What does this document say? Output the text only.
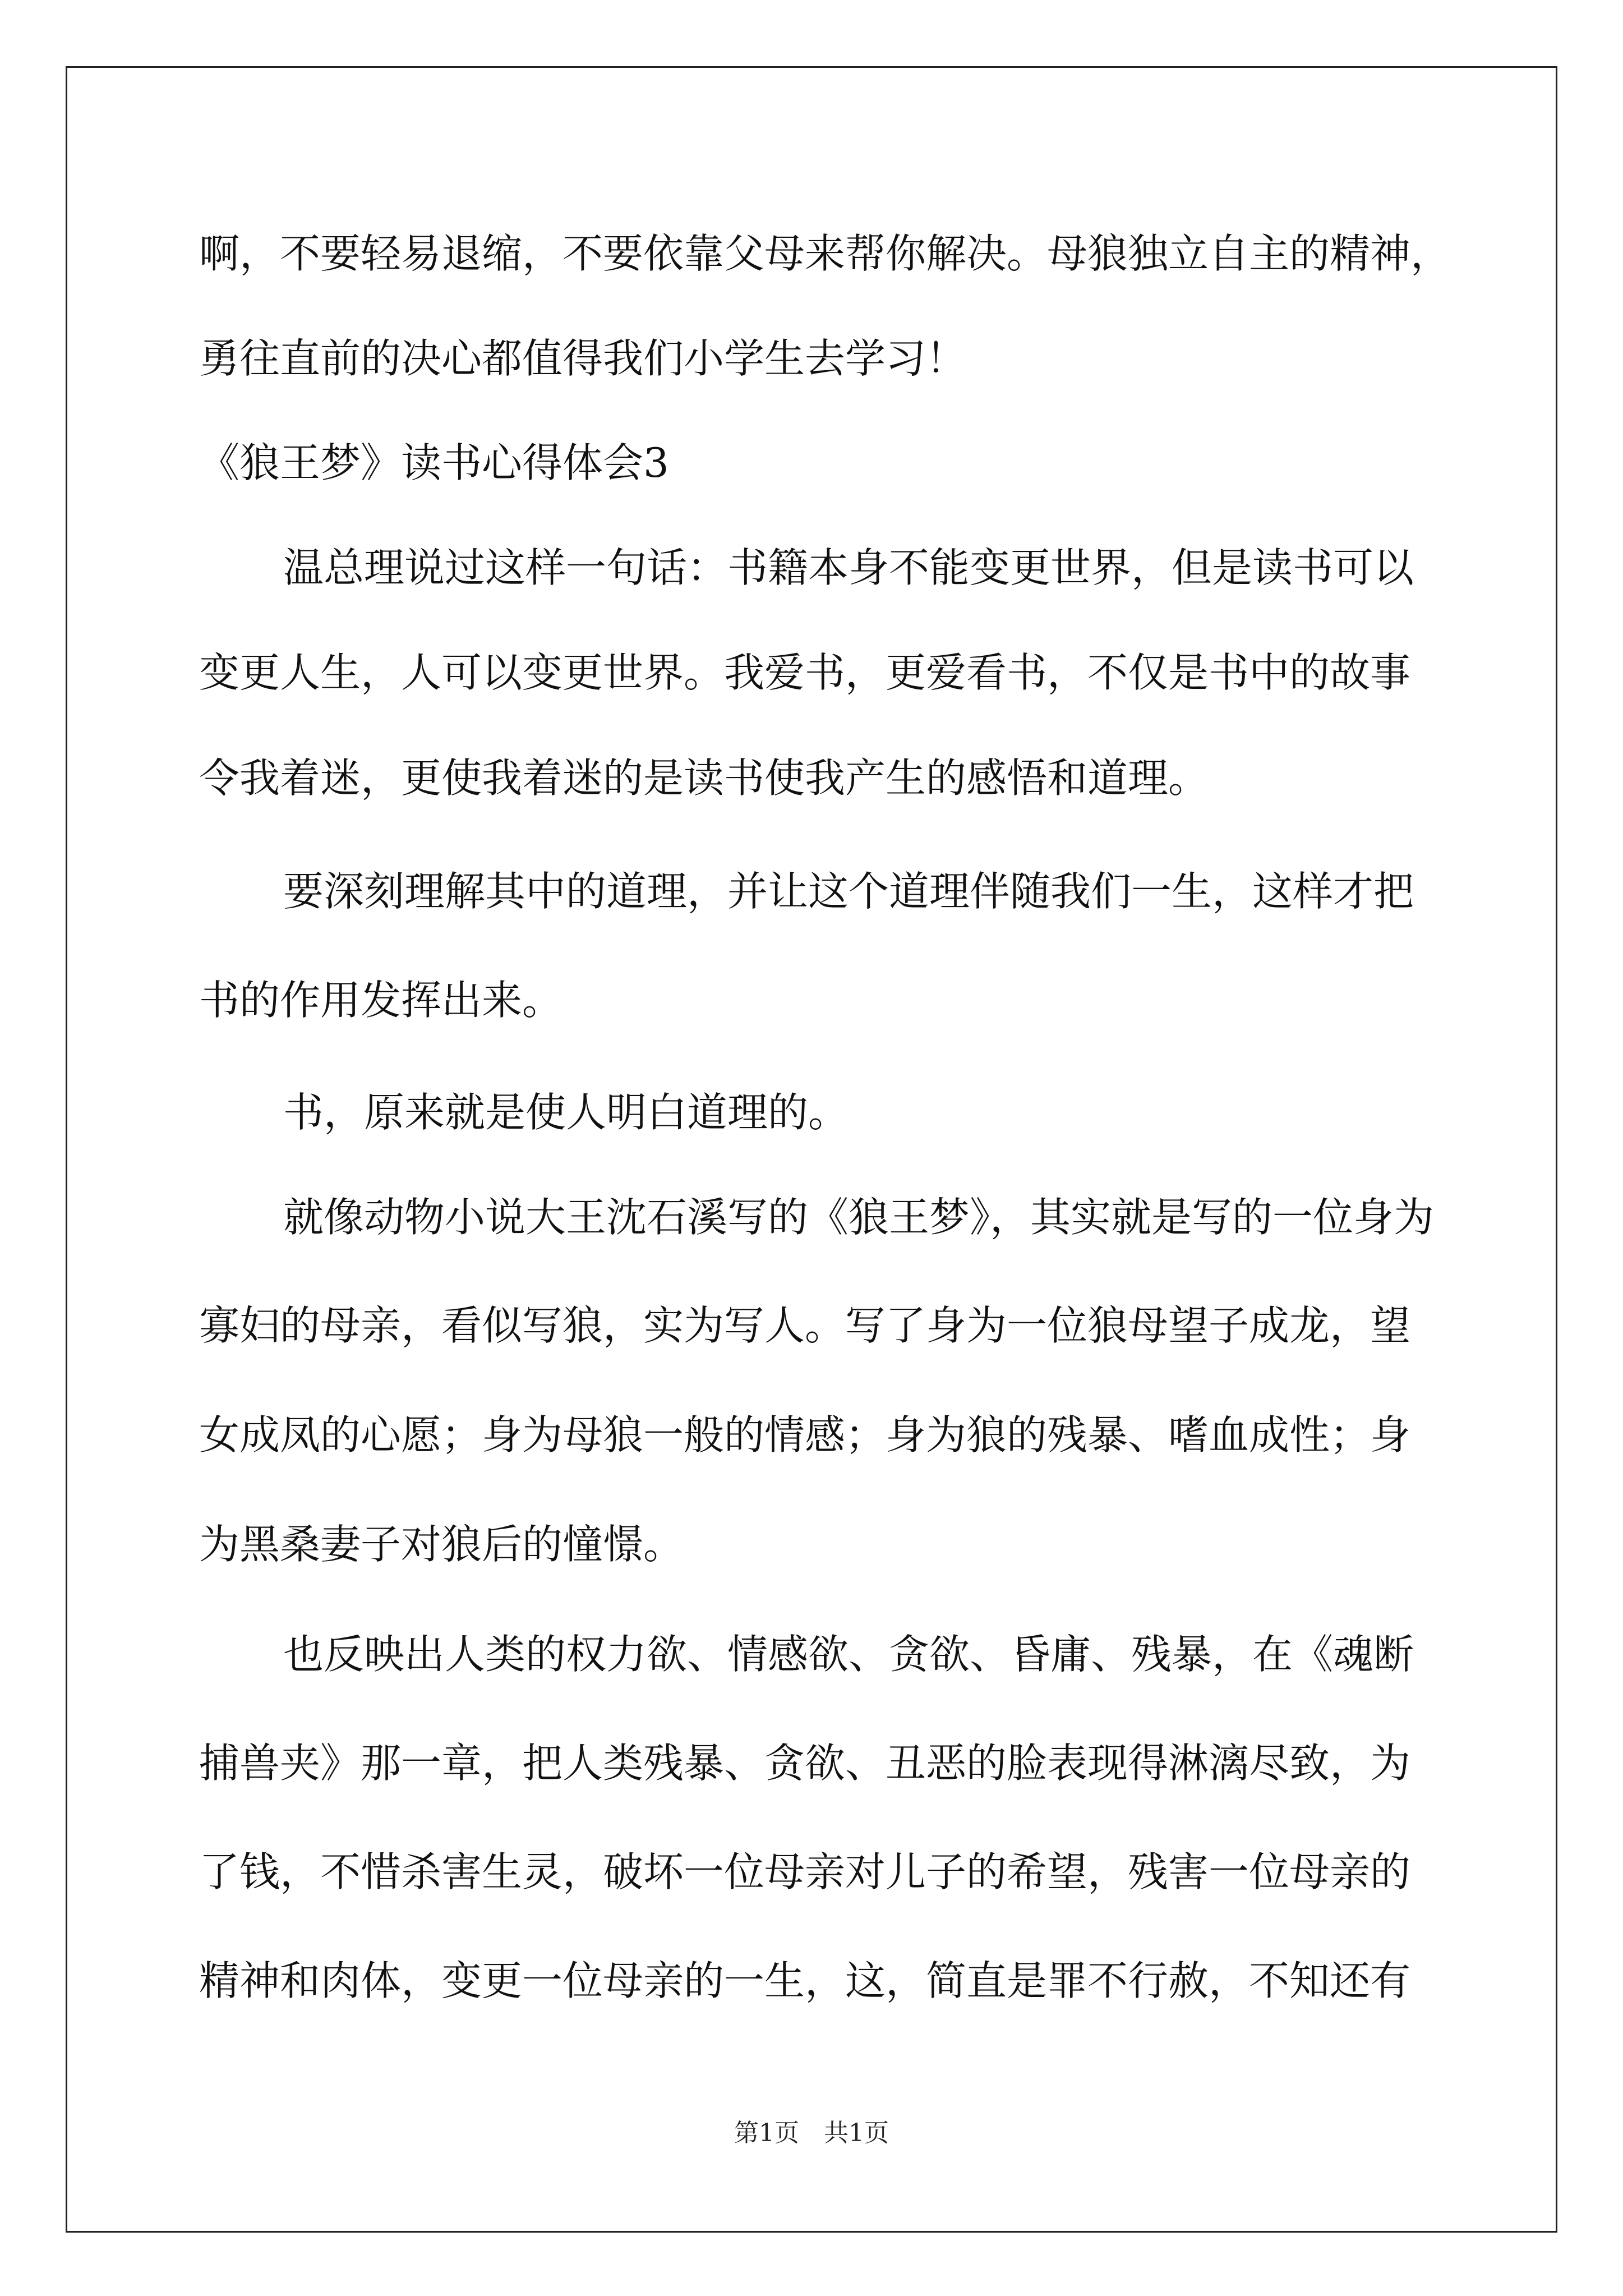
啊，不要轻易退缩，不要依靠父母来帮你解决。母狼独立自主的精神，
勇往直前的决心都值得我们小学生去学习！
《狼王梦》读书心得体会3
温总理说过这样一句话：书籍本身不能变更世界，但是读书可以
变更人生，人可以变更世界。我爱书，更爱看书，不仅是书中的故事
令我着迷，更使我着迷的是读书使我产生的感悟和道理。
要深刻理解其中的道理，并让这个道理伴随我们一生，这样才把
书的作用发挥出来。
书，原来就是使人明白道理的。
就像动物小说大王沈石溪写的《狼王梦》，其实就是写的一位身为
寡妇的母亲，看似写狼，实为写人。写了身为一位狼母望子成龙，望
女成凤的心愿；身为母狼一般的情感；身为狼的残暴、嗜血成性；身
为黑桑妻子对狼后的憧憬。
也反映出人类的权力欲、情感欲、贪欲、昏庸、残暴，在《魂断
捕兽夹》那一章，把人类残暴、贪欲、丑恶的脸表现得淋漓尽致，为
了钱，不惜杀害生灵，破坏一位母亲对儿子的希望，残害一位母亲的
精神和肉体，变更一位母亲的一生，这，简直是罪不行赦，不知还有
第1页　共1页
